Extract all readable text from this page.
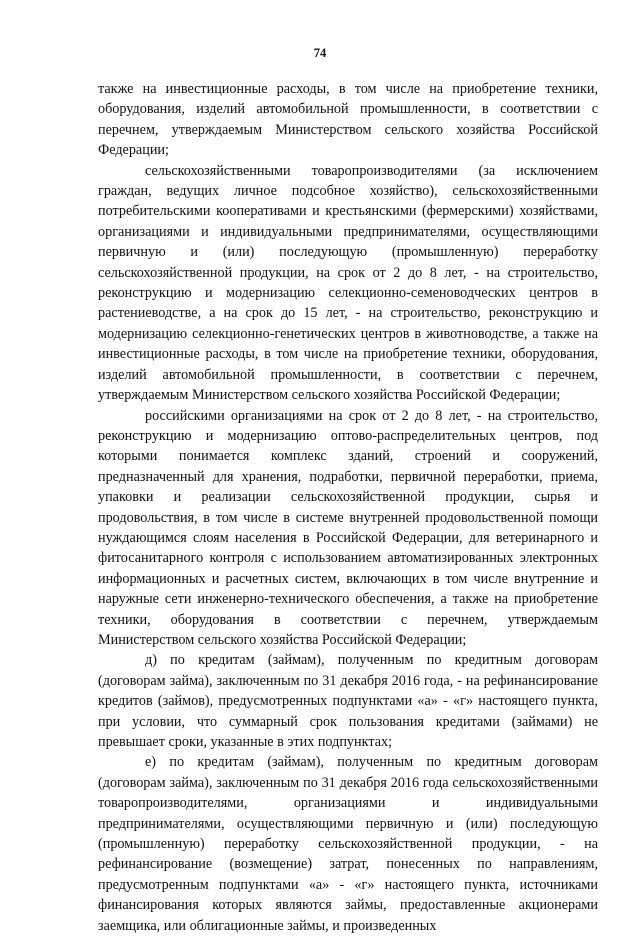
74

также на инвестиционные расходы, в том числе на приобретение техники, оборудования, изделий автомобильной промышленности, в соответствии с перечнем, утверждаемым Министерством сельского хозяйства Российской Федерации;

сельскохозяйственными товаропроизводителями (за исключением граждан, ведущих личное подсобное хозяйство), сельскохозяйственными потребительскими кооперативами и крестьянскими (фермерскими) хозяйствами, организациями и индивидуальными предпринимателями, осуществляющими первичную и (или) последующую (промышленную) переработку сельскохозяйственной продукции, на срок от 2 до 8 лет, - на строительство, реконструкцию и модернизацию селекционно-семеноводческих центров в растениеводстве, а на срок до 15 лет, - на строительство, реконструкцию и модернизацию селекционно-генетических центров в животноводстве, а также на инвестиционные расходы, в том числе на приобретение техники, оборудования, изделий автомобильной промышленности, в соответствии с перечнем, утверждаемым Министерством сельского хозяйства Российской Федерации;

российскими организациями на срок от 2 до 8 лет, - на строительство, реконструкцию и модернизацию оптово-распределительных центров, под которыми понимается комплекс зданий, строений и сооружений, предназначенный для хранения, подработки, первичной переработки, приема, упаковки и реализации сельскохозяйственной продукции, сырья и продовольствия, в том числе в системе внутренней продовольственной помощи нуждающимся слоям населения в Российской Федерации, для ветеринарного и фитосанитарного контроля с использованием автоматизированных электронных информационных и расчетных систем, включающих в том числе внутренние и наружные сети инженерно-технического обеспечения, а также на приобретение техники, оборудования в соответствии с перечнем, утверждаемым Министерством сельского хозяйства Российской Федерации;

д) по кредитам (займам), полученным по кредитным договорам (договорам займа), заключенным по 31 декабря 2016 года, - на рефинансирование кредитов (займов), предусмотренных подпунктами «а» - «г» настоящего пункта, при условии, что суммарный срок пользования кредитами (займами) не превышает сроки, указанные в этих подпунктах;

е) по кредитам (займам), полученным по кредитным договорам (договорам займа), заключенным по 31 декабря 2016 года сельскохозяйственными товаропроизводителями, организациями и индивидуальными предпринимателями, осуществляющими первичную и (или) последующую (промышленную) переработку сельскохозяйственной продукции, - на рефинансирование (возмещение) затрат, понесенных по направлениям, предусмотренным подпунктами «а» - «г» настоящего пункта, источниками финансирования которых являются займы, предоставленные акционерами заемщика, или облигационные займы, и произведенных
